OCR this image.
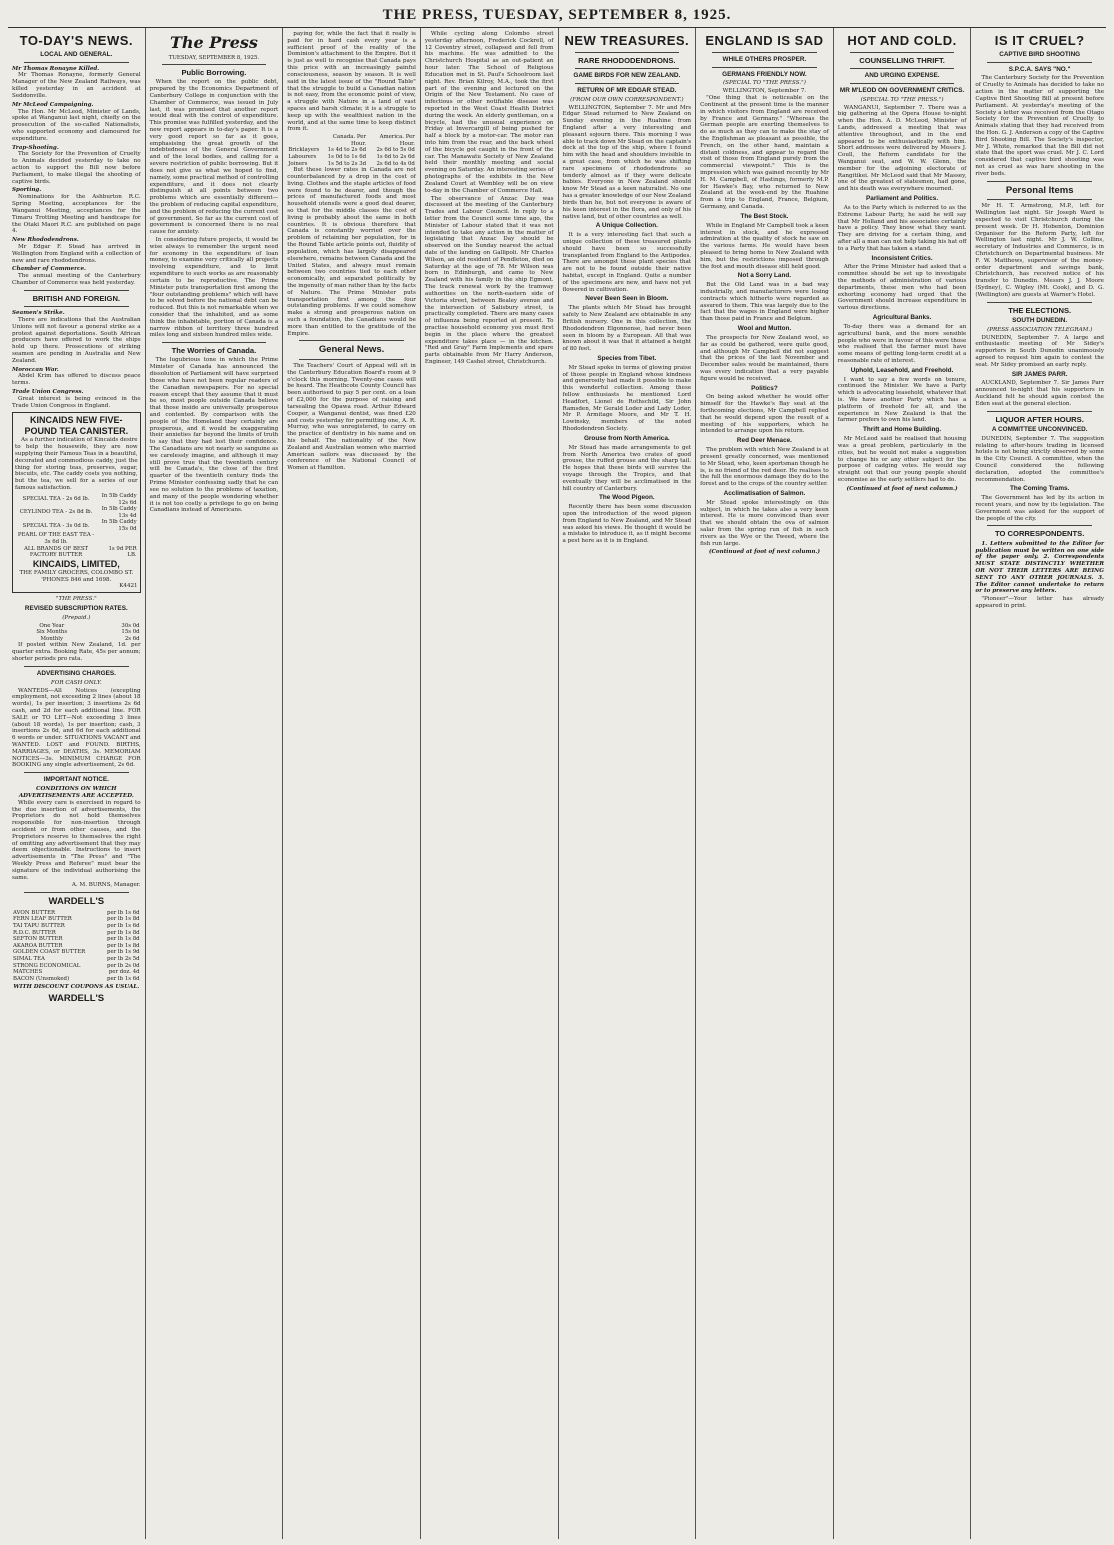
THE PRESS, TUESDAY, SEPTEMBER 8, 1925.
TO-DAY'S NEWS.
LOCAL AND GENERAL.
Mr Thomas Ronayne Killed.

Mr Thomas Ronayne, formerly General Manager of the New Zealand Railways, was killed yesterday in an accident at Seddonville.

Mr McLeod Campaigning.

The Hon. Mr McLeod, Minister of Lands, spoke at Wanganui last night, chiefly on the prosecution of the so-called Nationalists, who supported economy and clamoured for expenditure.

Trap-Shooting.

The Society for the Prevention of Cruelty to Animals decided yesterday to take no action to support the Bill now before Parliament, to make illegal the shooting of captive birds.

Sporting.

Nominations for the Ashburton R.C. Spring Meeting, acceptances for the Wanganui Meeting, acceptances for the Timaru Trotting Meeting and handicaps for the Otaki Maori R.C. are published on page 4.

New Rhododendrons.

Mr Edgar F. Stead has arrived in Wellington from England with a collection of new and rare rhododendrons.

Chamber of Commerce.

The annual meeting of the Canterbury Chamber of Commerce was held yesterday.

BRITISH AND FOREIGN.
Seamen's Strike.

There are indications that the Australian Unions will not favour a general strike as a protest against deportations. South African producers have offered to work the ships hold up there. Prosecutions of striking seamen are pending in Australia and New Zealand.

Moroccan War.

Abdel Krim has offered to discuss peace terms.

Trade Union Congress.

Great interest is being evinced in the Trade Union Congress in England.

KINCAIDS NEW FIVE-POUND TEA CANISTER.

As a further indication of Kincaids desire to help the housewife, they are now supplying their Famous Teas in a beautiful, decorated and commodious caddy, just the thing for storing teas, preserves, sugar, biscuits, etc. The caddy costs you nothing, but the tea, we sell for a series of our famous satisfaction.

SPECIAL TEA - 2s 6d lb.	In 5lb Caddy 12s 6d
CEYLINDO TEA - 2s 8d lb.	In 5lb Caddy 13s 4d
SPECIAL TEA - 3s 0d lb.	In 5lb Caddy 15s 0d
PEARL OF THE EAST TEA - 3s 6d lb.	
ALL BRANDS OF BEST FACTORY BUTTER	1s 9d PER LB.
KINCAIDS, LIMITED,
THE FAMILY GROCERS, COLOMBO ST. 'PHONES 846 and 1698.
K4421
"THE PRESS."
REVISED SUBSCRIPTION RATES.
(Prepaid.)
One Year	30s 0d
Six Months	15s 0d
Monthly	2s 6d

If posted within New Zealand, 1d. per quarter extra. Booking Rate, 45s per annum; shorter periods pro rata.

ADVERTISING CHARGES.
FOR CASH ONLY.

WANTEDS—All Notices (excepting employment, not exceeding 2 lines (about 18 words), 1s per insertion; 3 insertions 2s 6d cash, and 2d for each additional line. FOR SALE or TO LET—Not exceeding 3 lines (about 18 words), 1s per insertion; cash, 3 insertions 2s 6d, and 6d for each additional 6 words or under. SITUATIONS VACANT and WANTED. LOST and FOUND. BIRTHS, MARRIAGES, or DEATHS, 3s. MEMORIAM NOTICES—3s. MINIMUM CHARGE FOR BOOKING any single advertisement, 2s 6d.

IMPORTANT NOTICE.
CONDITIONS ON WHICH ADVERTISEMENTS ARE ACCEPTED.

While every care is exercised in regard to the due insertion of advertisements, the Proprietors do not hold themselves responsible for non-insertion through accident or from other causes, and the Proprietors reserve to themselves the right of omitting any advertisement that they may deem objectionable. Instructions to insert advertisements in "The Press" and "The Weekly Press and Referee" must bear the signature of the individual authorising the same.

A. M. BURNS, Manager.
WARDELL'S
AVON BUTTER	per lb 1s 6d
FERN LEAF BUTTER	per lb 1s 8d
TAI TAPU BUTTER	per lb 1s 6d
R.D.C. BUTTER	per lb 1s 8d
SEFTON BUTTER	per lb 1s 8d
AKAROA BUTTER	per lb 1s 8d
GOLDEN COAST BUTTER	per lb 1s 9d
SIMAL TEA	per lb 2s 5d
STRONG ECONOMICAL	per lb 2s 0d
MATCHES	per doz. 4d
BACON (Unsmoked)	per lb 1s 6d
WITH DISCOUNT COUPONS AS USUAL.
WARDELL'S
The Press
TUESDAY, SEPTEMBER 8, 1925.
Public Borrowing.

When the report on the public debt, prepared by the Economics Department of Canterbury College in conjunction with the Chamber of Commerce, was issued in July last, it was promised that another report would deal with the control of expenditure. This promise was fulfilled yesterday, and the new report appears in to-day's paper. It is a very good report so far as it goes, emphasising the great growth of the indebtedness of the General Government and of the local bodies, and calling for a severe restriction of public borrowing. But it does not give us what we hoped to find, namely, some practical method of controlling expenditure, and it does not clearly distinguish at all points between two problems which are essentially different—the problem of reducing capital expenditure, and the problem of reducing the current cost of government. So far as the current cost of government is concerned there is no real cause for anxiety.

In considering future projects, it would be wise always to remember the urgent need for economy in the expenditure of loan money, to examine very critically all projects involving expenditure, and to limit expenditure to such works as are reasonably certain to be reproductive. The Prime Minister puts transportation first among the "four outstanding problems" which will have to be solved before the national debt can be reduced. But this is not remarkable when we consider that the inhabited, and as some think the inhabitable, portion of Canada is a narrow ribbon of territory three hundred miles long and sixteen hundred miles wide.

The Worries of Canada.

The lugubrious tone in which the Prime Minister of Canada has announced the dissolution of Parliament will have surprised those who have not been regular readers of the Canadian newspapers. For no special reason except that they assume that it must be so, most people outside Canada believe that those inside are universally prosperous and contented. By comparison with the people of the Homeland they certainly are prosperous, and it would be exaggerating their anxieties far beyond the limits of truth to say that they had lost their confidence. The Canadians are not nearly so sanguine as we carelessly imagine, and although it may still prove true that the twentieth century will be Canada's, the close of the first quarter of the twentieth century finds the Prime Minister confessing sadly that he can see no solution to the problems of taxation, and many of the people wondering whether it is not too costly a privilege to go on being Canadians instead of Americans.

paying for, while the fact that it really is paid for in hard cash every year is a sufficient proof of the reality of the Dominion's attachment to the Empire. But it is just as well to recognise that Canada pays this price with an increasingly painful consciousness, season by season. It is well said in the latest issue of the "Round Table" that the struggle to build a Canadian nation is not easy, from the economic point of view, a struggle with Nature in a land of vast spaces and harsh climate; it is a struggle to keep up with the wealthiest nation in the world, and at the same time to keep distinct from it.

	Canada. Per Hour.	America. Per Hour.
Bricklayers	1s 4d to 2s 6d	2s 6d to 5s 0d
Labourers	1s 0d to 1s 6d	1s 6d to 2s 6d
Joiners	1s 5d to 2s 3d	2s 6d to 4s 0d

But these lower rates in Canada are not counterbalanced by a drop in the cost of living. Clothes and the staple articles of food were found to be dearer, and though the prices of manufactured foods and most household utensils were a good deal dearer, so that for the middle classes the cost of living is probably about the same in both countries. It is obvious therefore that Canada is constantly worried over the problem of retaining her population, for in the Round Table article points out, fluidity of population, which has largely disappeared elsewhere, remains between Canada and the United States, and always must remain between two countries tied to each other economically, and separated politically by the ingenuity of man rather than by the facts of Nature. The Prime Minister puts transportation first among the four outstanding problems. If we could somehow make a strong and prosperous nation on such a foundation, the Canadians would be more than entitled to the gratitude of the Empire.

General News.

The Teachers' Court of Appeal will sit in the Canterbury Education Board's room at 9 o'clock this morning. Twenty-one cases will be heard. The Heathcote County Council has been authorised to pay 5 per cent. on a loan of £2,000 for the purpose of raising and tarsealing the Opawa road. Arthur Edward Cooper, a Wanganui dentist, was fined £20 and costs yesterday for permitting one, A. R. Murray, who was unregistered, to carry on the practice of dentistry in his name and on his behalf. The nationality of the New Zealand and Australian women who married American sailors was discussed by the conference of the National Council of Women at Hamilton.

While cycling along Colombo street yesterday afternoon, Frederick Cockrell, of 12 Coventry street, collapsed and fell from his machine. He was admitted to the Christchurch Hospital as an out-patient an hour later. The School of Religious Education met in St. Paul's Schoolroom last night. Rev. Brian Kilroy, M.A., took the first part of the evening and lectured on the Origin of the New Testament. No case of infectious or other notifiable disease was reported in the West Coast Health District during the week. An elderly gentleman, on a bicycle, had the unusual experience on Friday at Invercargill of being pushed for half a block by a motor-car. The motor ran into him from the rear, and the back wheel of the bicycle got caught in the front of the car. The Manawatu Society of New Zealand held their monthly meeting and social evening on Saturday. An interesting series of photographs of the exhibits in the New Zealand Court at Wembley will be on view to-day in the Chamber of Commerce Hall.

The observance of Anzac Day was discussed at the meeting of the Canterbury Trades and Labour Council. In reply to a letter from the Council some time ago, the Minister of Labour stated that it was not intended to take any action in the matter of legislating that Anzac Day should be observed on the Sunday nearest the actual date of the landing on Gallipoli. Mr Charles Wilson, an old resident of Pendleton, died on Saturday at the age of 78. Mr Wilson was born in Edinburgh, and came to New Zealand with his family in the ship Egmont. The track renewal work by the tramway authorities on the north-eastern side of Victoria street, between Bealey avenue and the intersection of Salisbury street, is practically completed. There are many cases of influenza being reported at present. To practise household economy you must first begin in the place where the greatest expenditure takes place — in the kitchen. "Red and Gray" Farm Implements and spare parts obtainable from Mr Harry Anderson, Engineer, 149 Cashel street, Christchurch.

NEW TREASURES.
RARE RHODODENDRONS.
GAME BIRDS FOR NEW ZEALAND.
RETURN OF MR EDGAR STEAD.
(FROM OUR OWN CORRESPONDENT.)

WELLINGTON, September 7. Mr and Mrs Edgar Stead returned to New Zealand on Sunday evening in the Ruahine from England after a very interesting and pleasant sojourn there. This morning I was able to track down Mr Stead on the captain's deck at the top of the ship, where I found him with the head and shoulders invisible in a great case, from which he was shifting rare specimens of rhododendrons so tenderly almost as if they were delicate babies. Everyone in New Zealand should know Mr Stead as a keen naturalist. No one has a greater knowledge of our New Zealand birds than he, but not everyone is aware of his keen interest in the flora, and only of his native land, but of other countries as well.

A Unique Collection.

It is a very interesting fact that such a unique collection of these treasured plants should have been so successfully transplanted from England to the Antipodes. There are amongst these plant species that are not to be found outside their native habitat, except in England. Quite a number of the specimens are new, and have not yet flowered in cultivation.

Never Been Seen in Bloom.

The plants which Mr Stead has brought safely to New Zealand are obtainable in any British nursery. One in this collection, the Rhododendron Elgonnense, had never been seen in bloom by a European. All that was known about it was that it attained a height of 80 feet.

Species from Tibet.

Mr Stead spoke in terms of glowing praise of those people in England whose kindness and generosity had made it possible to make this wonderful collection. Among these fellow enthusiasts he mentioned Lord Headfort, Lionel de Rothschild, Sir John Ramsden, Mr Gerald Loder and Lady Loder, Mr P. Armitage Moore, and Mr T. H. Lowinsky, members of the noted Rhododendron Society.

Grouse from North America.

Mr Stead has made arrangements to get from North America two crates of good grouse, the ruffed grouse and the sharp tail. He hopes that these birds will survive the voyage through the Tropics, and that eventually they will be acclimatised in the hill country of Canterbury.

The Wood Pigeon.

Recently there has been some discussion upon the introduction of the wood pigeon from England to New Zealand, and Mr Stead was asked his views. He thought it would be a mistake to introduce it, as it might become a pest here as it is in England.

ENGLAND IS SAD
WHILE OTHERS PROSPER.
GERMANS FRIENDLY NOW.
(SPECIAL TO "THE PRESS.")
WELLINGTON, September 7.

"One thing that is noticeable on the Continent at the present time is the manner in which visitors from England are received by France and Germany." "Whereas the German people are exerting themselves to do as much as they can to make the stay of the Englishman as pleasant as possible, the French, on the other hand, maintain a distant coldness, and appear to regard the visit of those from England purely from the commercial viewpoint." This is the impression which was gained recently by Mr H. M. Campbell, of Hastings, formerly M.P. for Hawke's Bay, who returned to New Zealand at the week-end by the Ruahine from a trip to England, France, Belgium, Germany, and Canada.

The Best Stock.

While in England Mr Campbell took a keen interest in stock, and he expressed admiration at the quality of stock he saw on the various farms. He would have been pleased to bring home to New Zealand with him, but the restrictions imposed through the foot and mouth disease still held good.

Not a Sorry Land.

But the Old Land was in a bad way industrially, and manufacturers were losing contracts which hitherto were regarded as assured to them. This was largely due to the fact that the wages in England were higher than those paid in France and Belgium.

Wool and Mutton.

The prospects for New Zealand wool, so far as could be gathered, were quite good, and although Mr Campbell did not suggest that the prices of the last November and December sales would be maintained, there was every indication that a very payable figure would be received.

Politics?

On being asked whether he would offer himself for the Hawke's Bay seat at the forthcoming elections, Mr Campbell replied that he would depend upon the result of a meeting of his supporters, which he intended to arrange upon his return.

Red Deer Menace.

The problem with which New Zealand is at present greatly concerned, was mentioned to Mr Stead, who, keen sportsman though he is, is no friend of the red deer. He realises to the full the enormous damage they do to the forest and to the crops of the country settler.

Acclimatisation of Salmon.

Mr Stead spoke interestingly on this subject, in which he takes also a very keen interest. He is more convinced than ever that we should obtain the ova of salmon salar from the spring run of fish in such rivers as the Wye or the Tweed, where the fish run large.

(Continued at foot of next column.)
HOT AND COLD.
COUNSELLING THRIFT.
AND URGING EXPENSE.
MR M'LEOD ON GOVERNMENT CRITICS.
(SPECIAL TO "THE PRESS.")

WANGANUI, September 7. There was a big gathering at the Opera House to-night when the Hon. A. D. McLeod, Minister of Lands, addressed a meeting that was attentive throughout, and in the end appeared to be enthusiastically with him. Short addresses were delivered by Messrs J. Coull, the Reform candidate for the Wanganui seat, and W. W. Glenn, the member for the adjoining electorate of Rangitikei. Mr McLeod said that Mr Massey, one of the greatest of statesmen, had gone, and his death was everywhere mourned.

Parliament and Politics.

As to the Party which is referred to as the Extreme Labour Party, he said he will say that Mr Holland and his associates certainly have a policy. They know what they want. They are driving for a certain thing, and after all a man can not help taking his hat off to a Party that has taken a stand.

Inconsistent Critics.

After the Prime Minister had asked that a committee should be set up to investigate the methods of administration of various departments, these men who had been exhorting economy had urged that the Government should increase expenditure in various directions.

Agricultural Banks.

To-day there was a demand for an agricultural bank, and the more sensible people who were in favour of this were those who realised that the farmer must have some means of getting long-term credit at a reasonable rate of interest.

Uphold, Leasehold, and Freehold.

I want to say a few words on tenure, continued the Minister. We have a Party which is advocating leasehold, whatever that is. We have another Party which has a platform of freehold for all, and the experience in New Zealand is that the farmer prefers to own his land.

Thrift and Home Building.

Mr McLeod said he realised that housing was a great problem, particularly in the cities, but he would not make a suggestion to change his or any other subject for the purpose of cadging votes. He would say straight out that our young people should economise as the early settlers had to do.

(Continued at foot of next column.)
IS IT CRUEL?
CAPTIVE BIRD SHOOTING
S.P.C.A. SAYS "NO."

The Canterbury Society for the Prevention of Cruelty to Animals has decided to take no action in the matter of supporting the Captive Bird Shooting Bill at present before Parliament. At yesterday's meeting of the Society a letter was received from the Otago Society for the Prevention of Cruelty to Animals stating that they had received from the Hon. G. J. Anderson a copy of the Captive Bird Shooting Bill. The Society's inspector, Mr J. White, remarked that the Bill did not state that the sport was cruel. Mr J. C. Lord considered that captive bird shooting was not as cruel as was hare shooting in the river beds.

Personal Items

Mr H. T. Armstrong, M.P., left for Wellington last night. Sir Joseph Ward is expected to visit Christchurch during the present week. Dr H. Hobenton, Dominion Organiser for the Reform Party, left for Wellington last night. Mr J. W. Collins, secretary of Industries and Commerce, is in Christchurch on Departmental business. Mr F. W. Matthews, supervisor of the money-order department and savings bank, Christchurch, has received notice of his transfer to Dunedin. Messrs J. J. Moore (Sydney), C. Wigley (Mt. Cook), and D. G. (Wellington) are guests at Warner's Hotel.

THE ELECTIONS.
SOUTH DUNEDIN.
(PRESS ASSOCIATION TELEGRAM.)

DUNEDIN, September 7. A large and enthusiastic meeting of Mr Sidey's supporters in South Dunedin unanimously agreed to request him again to contest the seat. Mr Sidey promised an early reply.

SIR JAMES PARR.

AUCKLAND, September 7. Sir James Parr announced to-night that his supporters in Auckland felt he should again contest the Eden seat at the general election.

LIQUOR AFTER HOURS.
A COMMITTEE UNCONVINCED.

DUNEDIN, September 7. The suggestion relating to after-hours trading in licensed hotels is not being strictly observed by some in the City Council. A committee, when the Council considered the following declaration, adopted the committee's recommendation.

The Coming Trams.

The Government has led by its action in recent years, and now by its legislation. The Government was asked for the support of the people of the city.

TO CORRESPONDENTS.

1. Letters submitted to the Editor for publication must be written on one side of the paper only. 2. Correspondents MUST STATE DISTINCTLY WHETHER OR NOT THEIR LETTERS ARE BEING SENT TO ANY OTHER JOURNALS. 3. The Editor cannot undertake to return or to preserve any letters.

"Pioneer"—Your letter has already appeared in print.
